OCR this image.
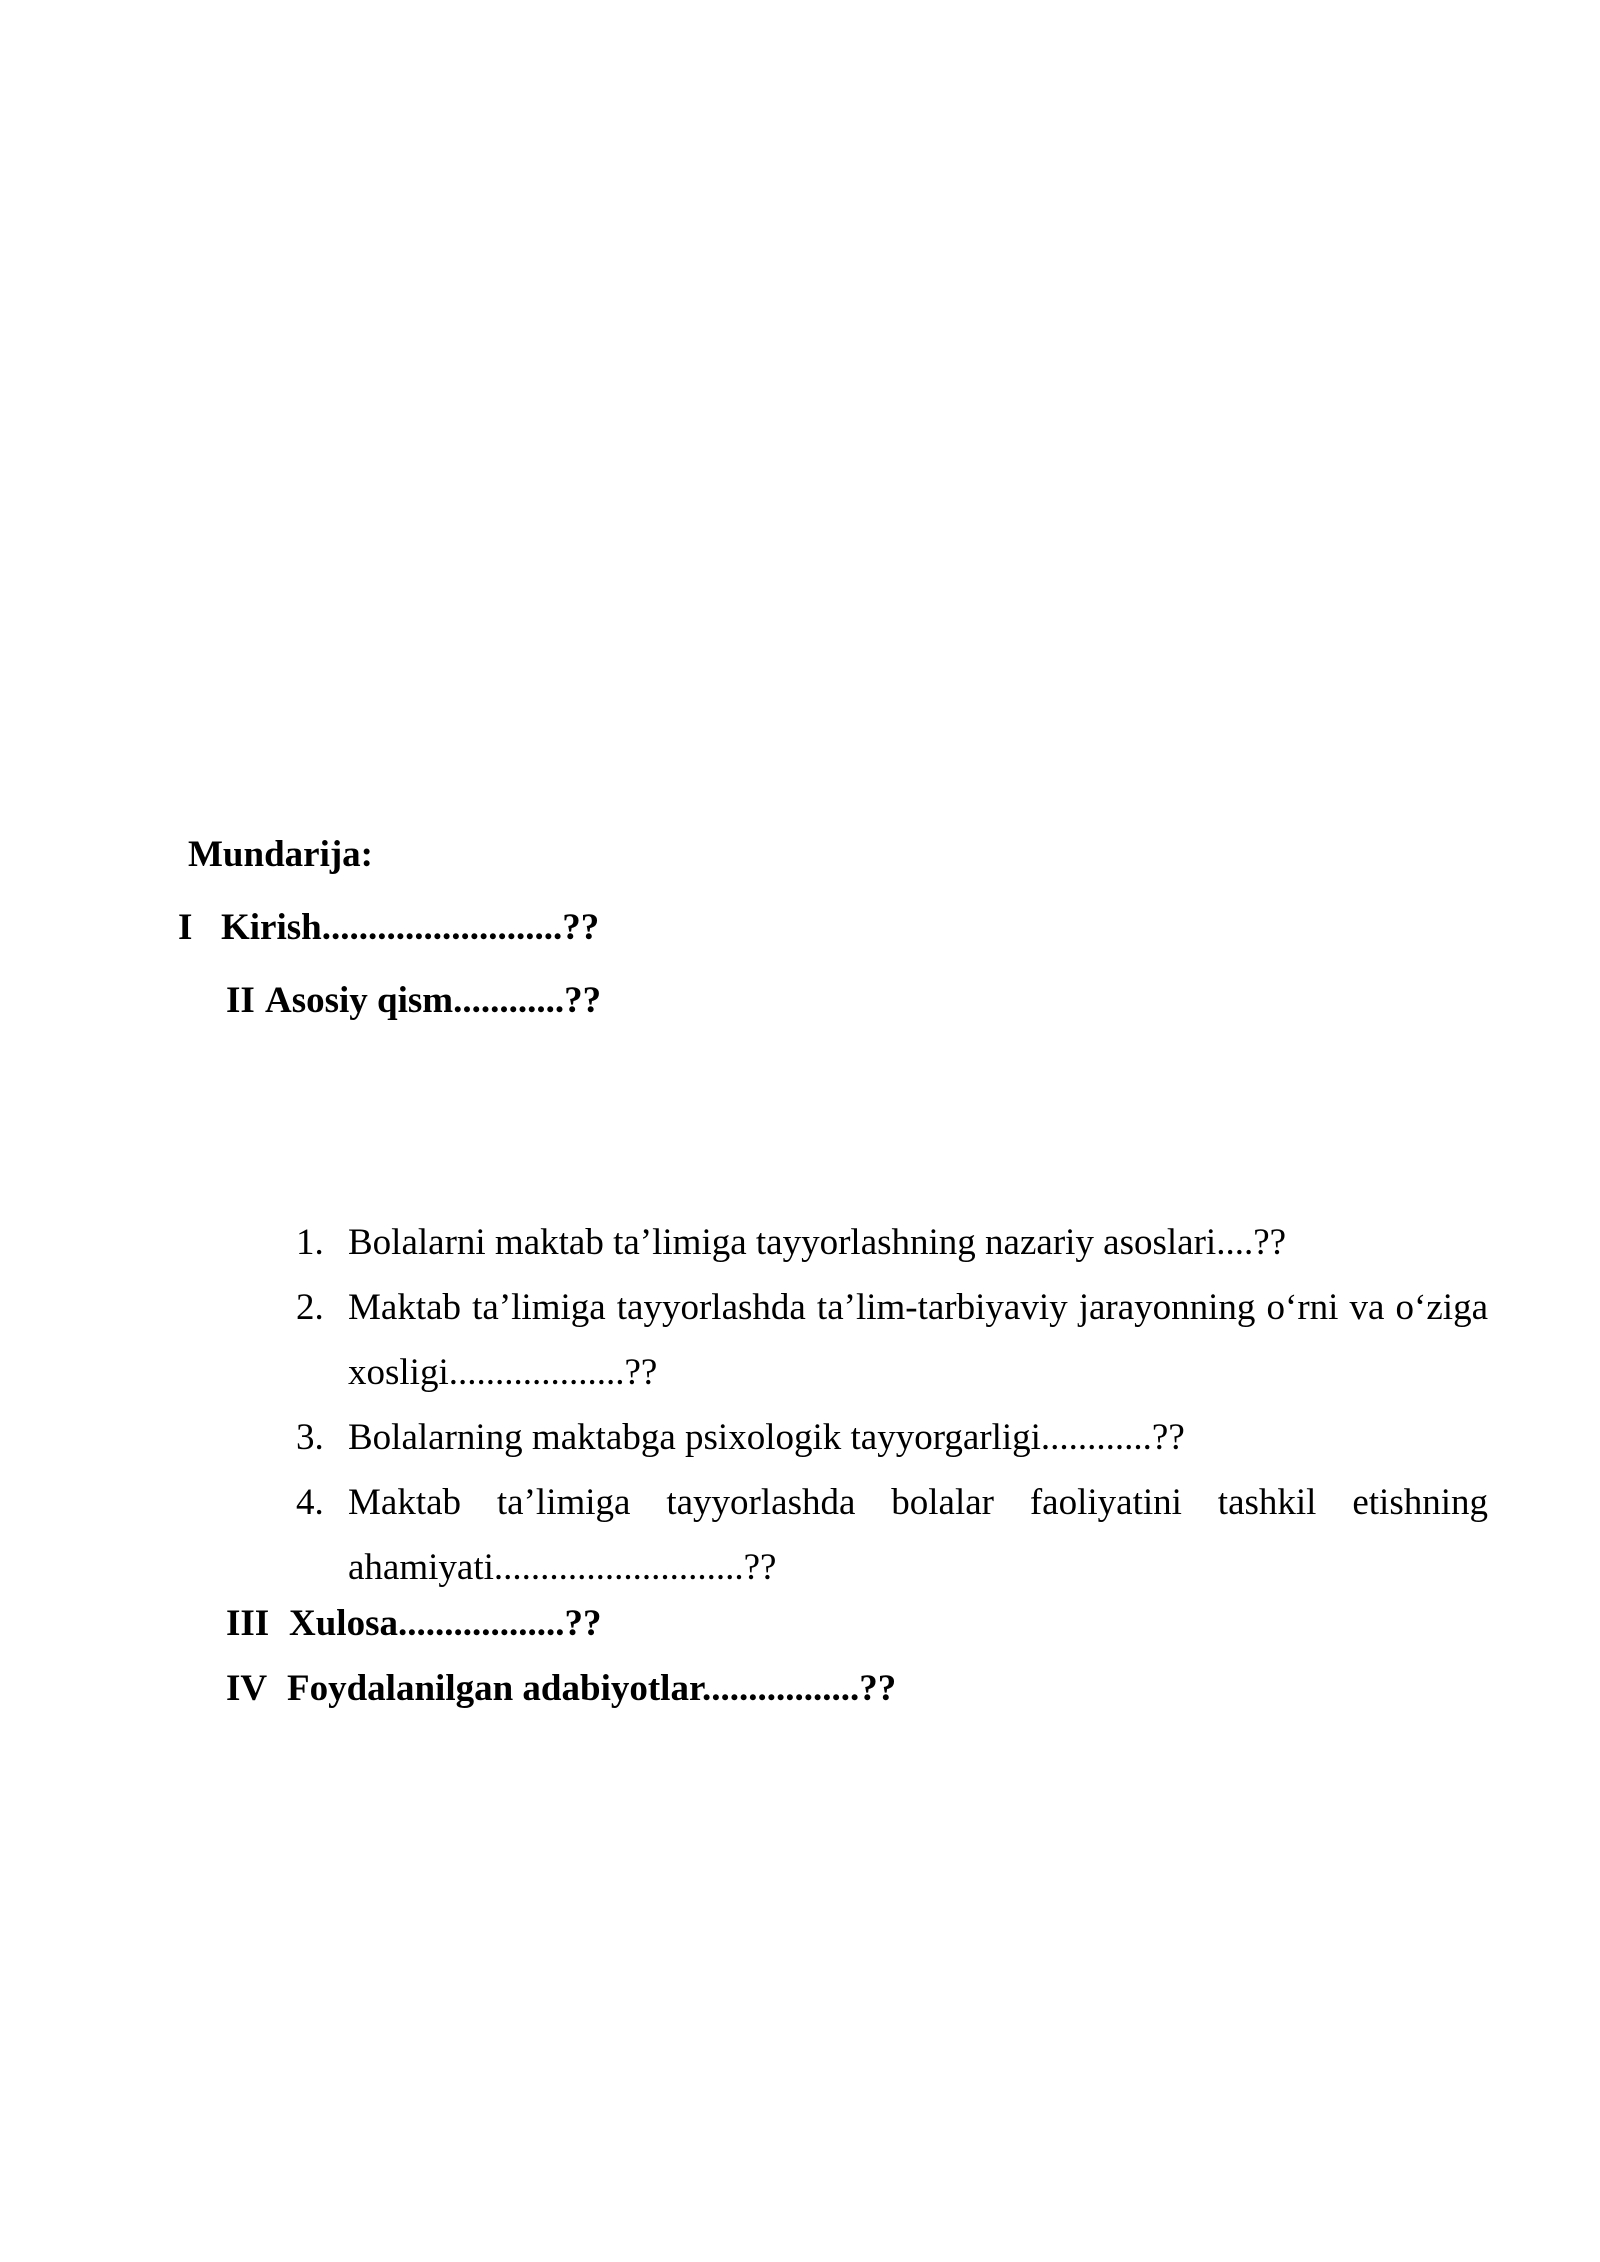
Mundarija:
I Kirish..........................??
II Asosiy qism............??
1. Bolalarni maktab ta’limiga tayyorlashning nazariy asoslari....??
2. Maktab ta’limiga tayyorlashda ta’lim-tarbiyaviy jarayonning o‘rni va o‘ziga xosligi...................??
3. Bolalarning maktabga psixologik tayyorgarligi............??
4. Maktab ta’limiga tayyorlashda bolalar faoliyatini tashkil etishning ahamiyati...........................??
III Xulosa..................??
IV Foydalanilgan adabiyotlar.................??
